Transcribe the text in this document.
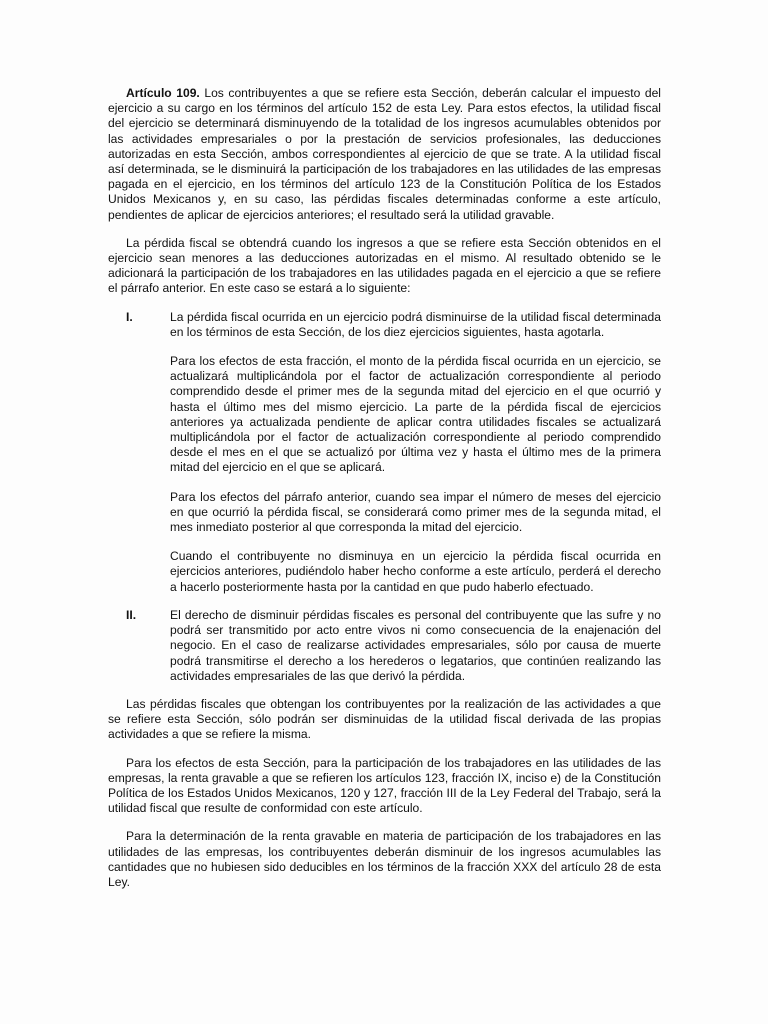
Artículo 109. Los contribuyentes a que se refiere esta Sección, deberán calcular el impuesto del ejercicio a su cargo en los términos del artículo 152 de esta Ley. Para estos efectos, la utilidad fiscal del ejercicio se determinará disminuyendo de la totalidad de los ingresos acumulables obtenidos por las actividades empresariales o por la prestación de servicios profesionales, las deducciones autorizadas en esta Sección, ambos correspondientes al ejercicio de que se trate. A la utilidad fiscal así determinada, se le disminuirá la participación de los trabajadores en las utilidades de las empresas pagada en el ejercicio, en los términos del artículo 123 de la Constitución Política de los Estados Unidos Mexicanos y, en su caso, las pérdidas fiscales determinadas conforme a este artículo, pendientes de aplicar de ejercicios anteriores; el resultado será la utilidad gravable.

La pérdida fiscal se obtendrá cuando los ingresos a que se refiere esta Sección obtenidos en el ejercicio sean menores a las deducciones autorizadas en el mismo. Al resultado obtenido se le adicionará la participación de los trabajadores en las utilidades pagada en el ejercicio a que se refiere el párrafo anterior. En este caso se estará a lo siguiente:

I.	La pérdida fiscal ocurrida en un ejercicio podrá disminuirse de la utilidad fiscal determinada en los términos de esta Sección, de los diez ejercicios siguientes, hasta agotarla.

Para los efectos de esta fracción, el monto de la pérdida fiscal ocurrida en un ejercicio, se actualizará multiplicándola por el factor de actualización correspondiente al periodo comprendido desde el primer mes de la segunda mitad del ejercicio en el que ocurrió y hasta el último mes del mismo ejercicio. La parte de la pérdida fiscal de ejercicios anteriores ya actualizada pendiente de aplicar contra utilidades fiscales se actualizará multiplicándola por el factor de actualización correspondiente al periodo comprendido desde el mes en el que se actualizó por última vez y hasta el último mes de la primera mitad del ejercicio en el que se aplicará.

Para los efectos del párrafo anterior, cuando sea impar el número de meses del ejercicio en que ocurrió la pérdida fiscal, se considerará como primer mes de la segunda mitad, el mes inmediato posterior al que corresponda la mitad del ejercicio.

Cuando el contribuyente no disminuya en un ejercicio la pérdida fiscal ocurrida en ejercicios anteriores, pudiéndolo haber hecho conforme a este artículo, perderá el derecho a hacerlo posteriormente hasta por la cantidad en que pudo haberlo efectuado.

II.	El derecho de disminuir pérdidas fiscales es personal del contribuyente que las sufre y no podrá ser transmitido por acto entre vivos ni como consecuencia de la enajenación del negocio. En el caso de realizarse actividades empresariales, sólo por causa de muerte podrá transmitirse el derecho a los herederos o legatarios, que continúen realizando las actividades empresariales de las que derivó la pérdida.

Las pérdidas fiscales que obtengan los contribuyentes por la realización de las actividades a que se refiere esta Sección, sólo podrán ser disminuidas de la utilidad fiscal derivada de las propias actividades a que se refiere la misma.

Para los efectos de esta Sección, para la participación de los trabajadores en las utilidades de las empresas, la renta gravable a que se refieren los artículos 123, fracción IX, inciso e) de la Constitución Política de los Estados Unidos Mexicanos, 120 y 127, fracción III de la Ley Federal del Trabajo, será la utilidad fiscal que resulte de conformidad con este artículo.

Para la determinación de la renta gravable en materia de participación de los trabajadores en las utilidades de las empresas, los contribuyentes deberán disminuir de los ingresos acumulables las cantidades que no hubiesen sido deducibles en los términos de la fracción XXX del artículo 28 de esta Ley.
